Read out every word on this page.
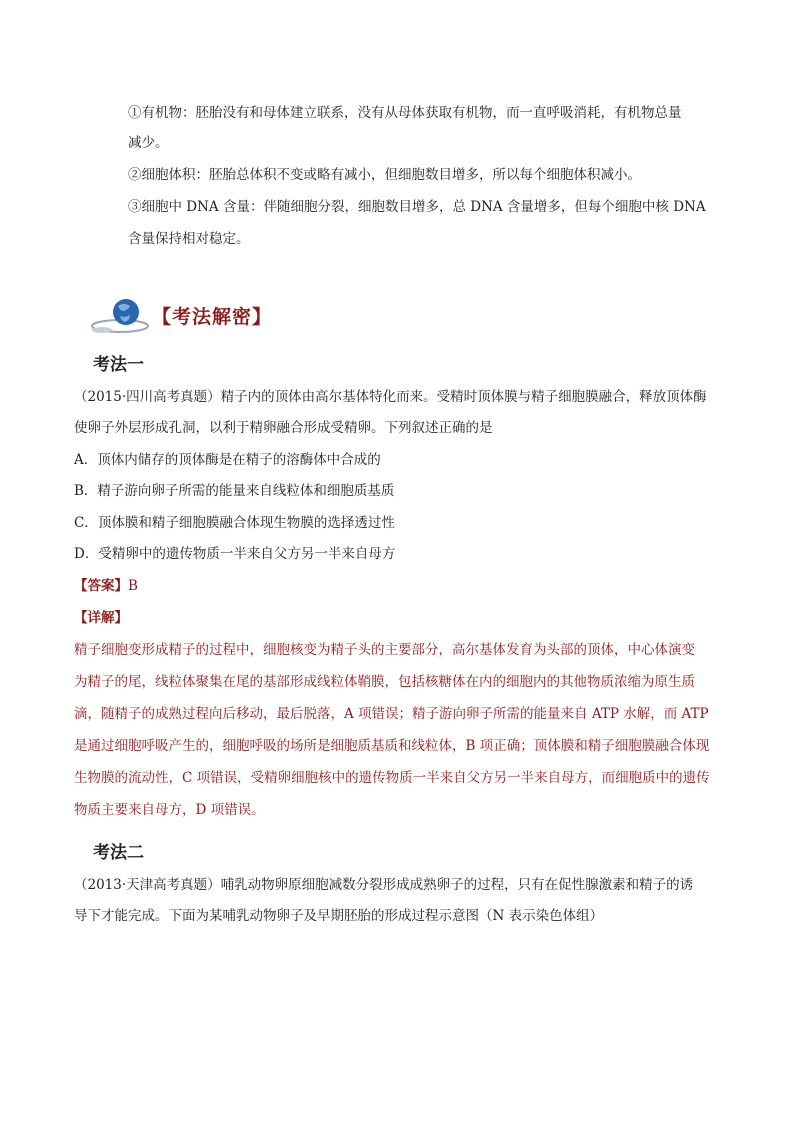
①有机物：胚胎没有和母体建立联系，没有从母体获取有机物，而一直呼吸消耗，有机物总量
减少。
②细胞体积：胚胎总体积不变或略有减小，但细胞数目增多，所以每个细胞体积减小。
③细胞中 DNA 含量：伴随细胞分裂，细胞数目增多，总 DNA 含量增多，但每个细胞中核 DNA
含量保持相对稳定。
【考法解密】
考法一
（2015·四川高考真题）精子内的顶体由高尔基体特化而来。受精时顶体膜与精子细胞膜融合，释放顶体酶
使卵子外层形成孔洞，以利于精卵融合形成受精卵。下列叙述正确的是
A．顶体内储存的顶体酶是在精子的溶酶体中合成的
B．精子游向卵子所需的能量来自线粒体和细胞质基质
C．顶体膜和精子细胞膜融合体现生物膜的选择透过性
D．受精卵中的遗传物质一半来自父方另一半来自母方
【答案】B
【详解】
精子细胞变形成精子的过程中，细胞核变为精子头的主要部分，高尔基体发育为头部的顶体，中心体演变
为精子的尾，线粒体聚集在尾的基部形成线粒体鞘膜，包括核糖体在内的细胞内的其他物质浓缩为原生质
滴，随精子的成熟过程向后移动，最后脱落，A 项错误；精子游向卵子所需的能量来自 ATP 水解，而 ATP
是通过细胞呼吸产生的，细胞呼吸的场所是细胞质基质和线粒体，B 项正确；顶体膜和精子细胞膜融合体现
生物膜的流动性，C 项错误，受精卵细胞核中的遗传物质一半来自父方另一半来自母方，而细胞质中的遗传
物质主要来自母方，D 项错误。
考法二
（2013·天津高考真题）哺乳动物卵原细胞减数分裂形成成熟卵子的过程，只有在促性腺激素和精子的诱
导下才能完成。下面为某哺乳动物卵子及早期胚胎的形成过程示意图（N 表示染色体组）
